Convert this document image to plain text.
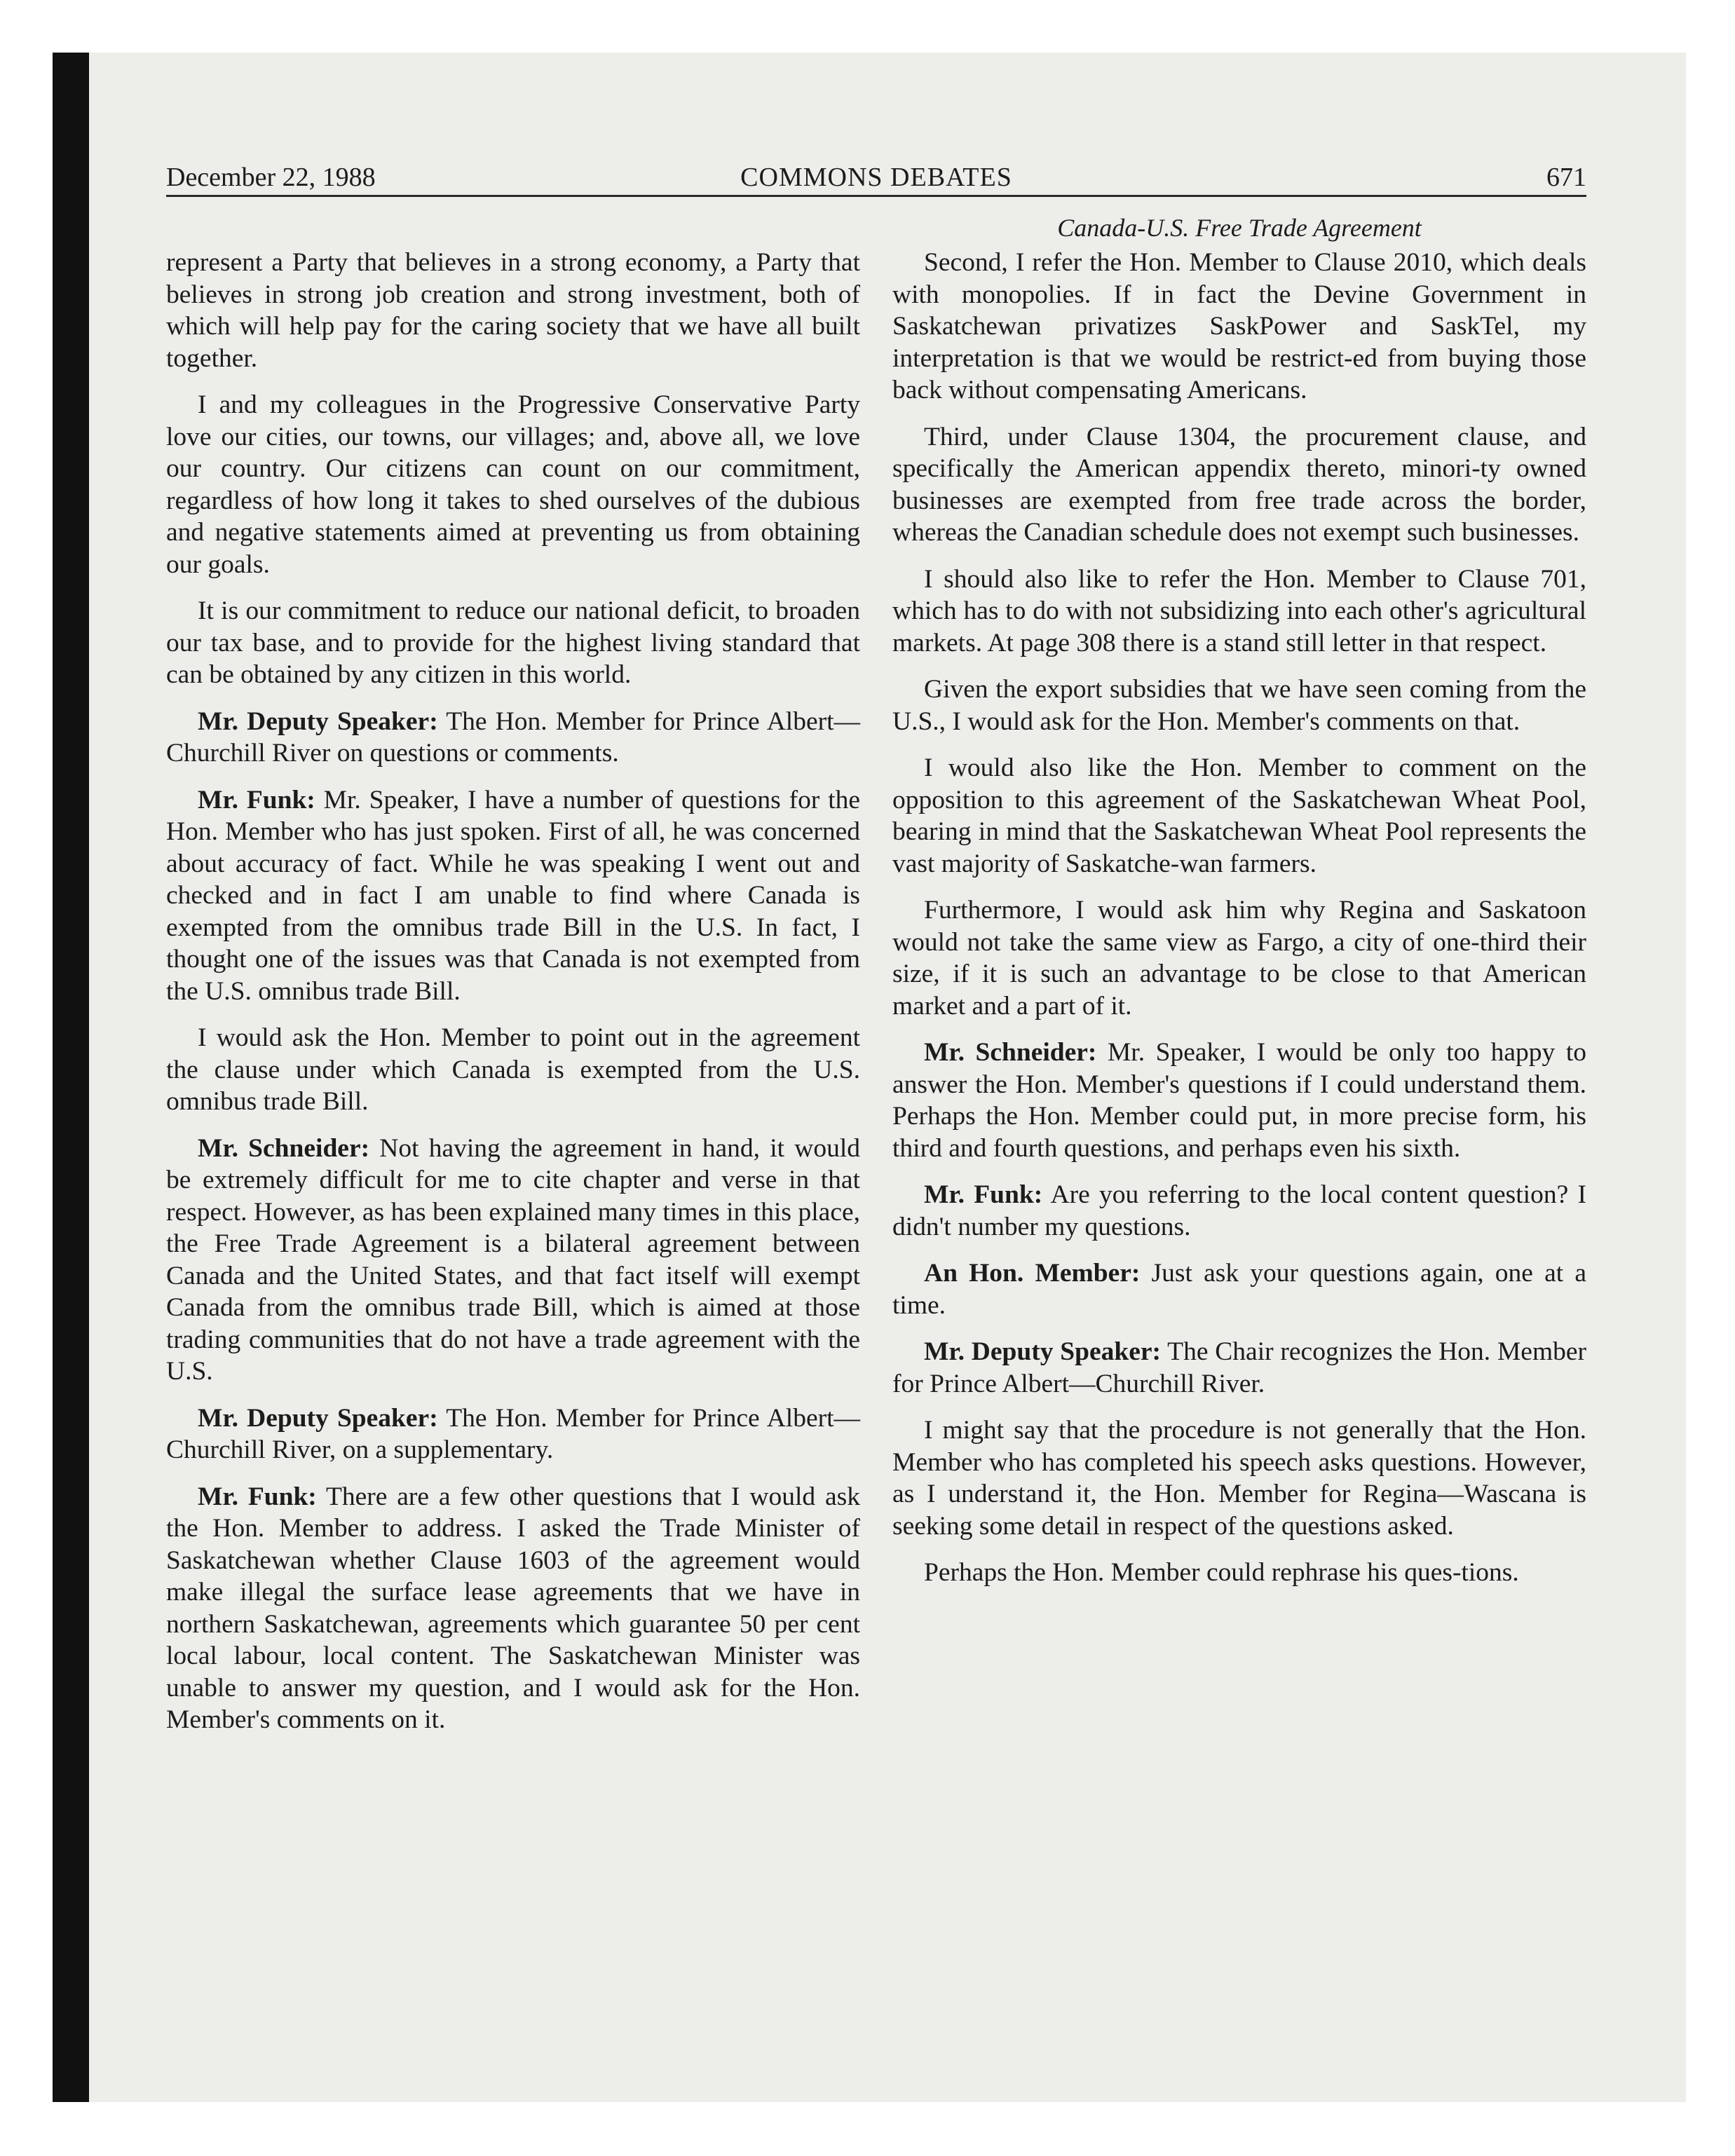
December 22, 1988	COMMONS DEBATES	671
Canada-U.S. Free Trade Agreement

represent a Party that believes in a strong economy, a Party that believes in strong job creation and strong investment, both of which will help pay for the caring society that we have all built together.

I and my colleagues in the Progressive Conservative Party love our cities, our towns, our villages; and, above all, we love our country. Our citizens can count on our commitment, regardless of how long it takes to shed ourselves of the dubious and negative statements aimed at preventing us from obtaining our goals.

It is our commitment to reduce our national deficit, to broaden our tax base, and to provide for the highest living standard that can be obtained by any citizen in this world.

Mr. Deputy Speaker: The Hon. Member for Prince Albert—Churchill River on questions or comments.

Mr. Funk: Mr. Speaker, I have a number of questions for the Hon. Member who has just spoken. First of all, he was concerned about accuracy of fact. While he was speaking I went out and checked and in fact I am unable to find where Canada is exempted from the omnibus trade Bill in the U.S. In fact, I thought one of the issues was that Canada is not exempted from the U.S. omnibus trade Bill.

I would ask the Hon. Member to point out in the agreement the clause under which Canada is exempted from the U.S. omnibus trade Bill.

Mr. Schneider: Not having the agreement in hand, it would be extremely difficult for me to cite chapter and verse in that respect. However, as has been explained many times in this place, the Free Trade Agreement is a bilateral agreement between Canada and the United States, and that fact itself will exempt Canada from the omnibus trade Bill, which is aimed at those trading communities that do not have a trade agreement with the U.S.

Mr. Deputy Speaker: The Hon. Member for Prince Albert—Churchill River, on a supplementary.

Mr. Funk: There are a few other questions that I would ask the Hon. Member to address. I asked the Trade Minister of Saskatchewan whether Clause 1603 of the agreement would make illegal the surface lease agreements that we have in northern Saskatchewan, agreements which guarantee 50 per cent local labour, local content. The Saskatchewan Minister was unable to answer my question, and I would ask for the Hon. Member's comments on it.

Second, I refer the Hon. Member to Clause 2010, which deals with monopolies. If in fact the Devine Government in Saskatchewan privatizes SaskPower and SaskTel, my interpretation is that we would be restrict-ed from buying those back without compensating Americans.

Third, under Clause 1304, the procurement clause, and specifically the American appendix thereto, minori-ty owned businesses are exempted from free trade across the border, whereas the Canadian schedule does not exempt such businesses.

I should also like to refer the Hon. Member to Clause 701, which has to do with not subsidizing into each other's agricultural markets. At page 308 there is a stand still letter in that respect.

Given the export subsidies that we have seen coming from the U.S., I would ask for the Hon. Member's comments on that.

I would also like the Hon. Member to comment on the opposition to this agreement of the Saskatchewan Wheat Pool, bearing in mind that the Saskatchewan Wheat Pool represents the vast majority of Saskatche-wan farmers.

Furthermore, I would ask him why Regina and Saskatoon would not take the same view as Fargo, a city of one-third their size, if it is such an advantage to be close to that American market and a part of it.

Mr. Schneider: Mr. Speaker, I would be only too happy to answer the Hon. Member's questions if I could understand them. Perhaps the Hon. Member could put, in more precise form, his third and fourth questions, and perhaps even his sixth.

Mr. Funk: Are you referring to the local content question? I didn't number my questions.

An Hon. Member: Just ask your questions again, one at a time.

Mr. Deputy Speaker: The Chair recognizes the Hon. Member for Prince Albert—Churchill River.

I might say that the procedure is not generally that the Hon. Member who has completed his speech asks questions. However, as I understand it, the Hon. Member for Regina—Wascana is seeking some detail in respect of the questions asked.

Perhaps the Hon. Member could rephrase his ques-tions.
